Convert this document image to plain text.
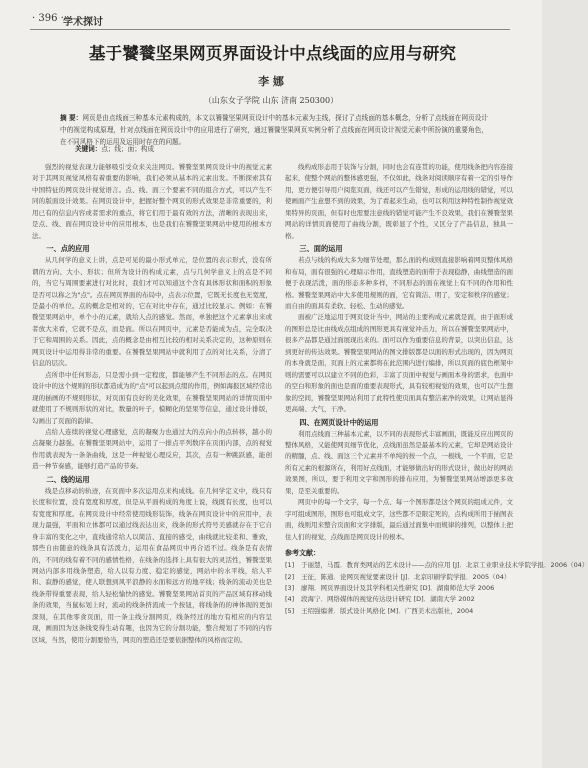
· 396 · 学术探讨
基于饕餮坚果网页界面设计中点线面的应用与研究
李 娜
（山东女子学院 山东 济南 250300）
摘 要：网页是由点线面三种基本元素构成的，本文以饕餮坚果网页设计中的基本元素为主线，探讨了点线面的基本概念，分析了点线面在网页设计中的视觉构成原理，针对点线面在网页设计中的应用进行了研究，通过饕餮坚果网页实例分析了点线面在网页设计视觉元素中所扮演的重要角色，在不同风格下的运用及运用时存在的问题。
关键词：点；线；面；构成

强烈的视觉表现力能够吸引受众来关注网页。饕餮坚果网页设计中的视觉元素对于其网页视觉风格有着重要的影响，我们必须从基本的元素出发。不断探索其有中国特征的网页设计视觉语言。点、线、面三个要素不同的组合方式，可以产生不同的版面设计效果。在网页设计中，把握好整个网页的形式效果是非常重要的，利用已有的信息内容或者需求的重点，将它们用于最有效的方法，清晰的表现出来，是点、线、面在网页设计中的应用根本，也是我们在饕餮坚果网站中使用的根本方法。

一、点的应用

从几何学的意义上讲，点是可见的最小形式单元，是位置的表示形式，没有所谓的方向、大小、形状；但所为设计的构成元素，点与几何学意义上的点是不同的，当它与周围要素进行对比时，我们才可以知道这个含有具体形状和面积的形象是否可以称之为"点"。点在网页界面的布局中，点表示位置，它既无长度也无宽度，是最小的单位。点的概念是相对的，它在对比中存在，通过比较显示。例如：在饕餮坚果网站中，单个小的元素，就给人点的感觉。然而，单独把这个元素拿出来或者放大来看，它就不是点，而是面。所以在网页中，元素是否能成为点，完全取决于它和周围的关系。因此，点的概念是由相互比较的相对关系决定的，这种原则在网页设计中运用得非常的重要。在饕餮坚果网站中就利用了点的对比关系，分清了信息的层次。

点所串中任何形态，只是需小到一定程度，都能够产生不同形态的点。在网页设计中的这个规则的形状都造成为的"点"可以起到点缀的作用，例如海报区域经常出现的插画的不规则形状，对页面有良好的美化效果，在饕餮坚果网站的详情页面中就使用了不规则形状的对比，数量的叶子，模糊化的坚果等信息，通过设计排版，勾画出了页面的韵律。

点给人连续的视觉心理感觉，点的凝聚力也通过大的点向小的点转移，越小的点凝聚力越强。在饕餮坚果网站中，运用了一排点平列数序在页面内部，点的视觉作用就表现为一条条曲线，这是一种视觉心理反应，其次，点有一种跳跃感，能创造一种节奏感，能够打造产品的节奏。

二、线的运用

线是点移动的轨迹，在页面中多次运用点来构成线。在几何学定义中，线只有长度和位置，没有宽度和厚度，但是从平面构成的角度上说，线既有长度，也可以有宽度和厚度。在网页设计中经常使用线形装饰，线条在网页设计中的应用中，表现力最强，平面和立体都可以通过线表达出来，线条的形式符号美感就存在于它自身丰富的变化之中，直线通常给人以简洁、直接的感受，曲线就比较柔和、雅致，那些自由随意的线条具有活泼力，运用在食品网页中再合适不过。线条是有表情的，不同的线有着不同的感情性格，在线条的选择上具有很大的灵活性，饕餮坚果网站内部多用线条塑造，给人以有力度、稳定的感觉，网站中的水平线，给人平和、寂静的感觉，使人联想到风平浪静的水面和远方的地平线；线条的流动美也是线条带得重要表现，给人轻松愉快的感觉。饕餮坚果网站首页的产品区域有移动线条的效果，当鼠标划上时，流动的线条挤流成一个按钮，将线条的的神体现的更加深刻，在其他零食页面，用一条主线分割网页，线条经过的地方有相应的内容呈现，画面因为这条线变得生动有趣，也因为它的分割功能，整合规划了不同的内容区域，当然，使用分割要恰当，网页的塑造还是要依据整体的风格而定的。

线构成形态用于装饰与分割，同时也会有连贯的功能，使用线条把内容连接起来，使整个网站的整体感更强，不仅如此，线条对阅读顺序有着一定的引导作用，更方便引导用户阅览页面，线还可以产生错觉，形成的运用线的错觉，可以使画面产生意想不到的效果，为了看起来生动，也可以利用这种特性制作视觉效果特异的页面，但有时也需要注意线的错觉可能产生不良效果，我们在饕餮坚果网站的详情页面使用了曲线分割，既彰显了个性，又区分了产品信息，独具一格。

三、面的运用

若点与线的构成大多为细节处理，那么面的构成则直接影响着网页整体风格和布局，面有很强的心理暗示作用，直线塑造的面带于表现稳静，曲线塑造的面便于表现活泼，面的形态多种多样，不同形态的面在视觉上有不同的作用和性格。饕餮坚果网站中大多使用规则的面，它有简洁、明了，安定和秩序的感觉；而自由的面具有柔软、轻松、生动的感觉。

面被广泛地运用于网页设计当中，网站的主要构成元素就是面，由于面形成的图形总是比由线成点组成的图形更具有视觉冲击力，所以在饕餮坚果网站中，很多产品都是通过面展现出来的。面可以作为重要信息的背景，以突出信息，达到更好的传达效果。饕餮坚果网站的图文排版都是以面的形式出现的，因为网页的本身就是面，页面上的元素都将在此范围内进行编排，所以页面的底色框架中则的需要可以以建立不同的色彩，丰富了页面中视觉与画面本身的需求，也面中的空白和形象的面也是面的重要表现形式，具有较相视觉的效果，也可以产生想象的空间，饕餮坚果网站利用了此特性使页面具有整洁素净的效果，让网站显得更高端、大气，干净。

四、在网页设计中的运用

利用点线面三种基本元素，以不同的表现形式丰富画面，既能反应出网页的整体风格，又能使网页细节优化，点线面虽然是最基本的元素，它却是网站设计的精髓，点、线、面这三个元素并不单纯的按一个点，一根线，一个平面，它是所有元素的根源所在，利用好点线面，才能够做出好的形式设计，做出好的网站效果图，所以，要于利用文字和图形的排布应用，为饕餮坚果网站增添更多效果，是至关重要的。

网页中的每一个文字，每一个点、每一个图形都是这个网页的组成元件，文字可组成图形，图形也可组成文字，这些都不是限定死的，点构成所用于插图表面，线则用来整合页面和文字排版，最后通过面集中而规律的排列，以整体上把住人们的视觉，点线面是网页设计的根本。

参考文献：
[1] 于丽慧，马霞．教育类网站的艺术设计——点的应用 [J]．北京工业职业技术学院学报．2006（04）
[2] 王征，陈通．论网页视觉要素设计 [J]．北京印刷学院学报．2005（04）
[3] 廖翔．网页界面设计及其学科相关性研究 [D]．湖南师范大学 2006
[4] 段海宁．网络媒体的视觉传达设计研究 [D]．湖南大学 2002
[5] 王绍强编著．版式设计风格化 [M]．广西美术出版社，2004
